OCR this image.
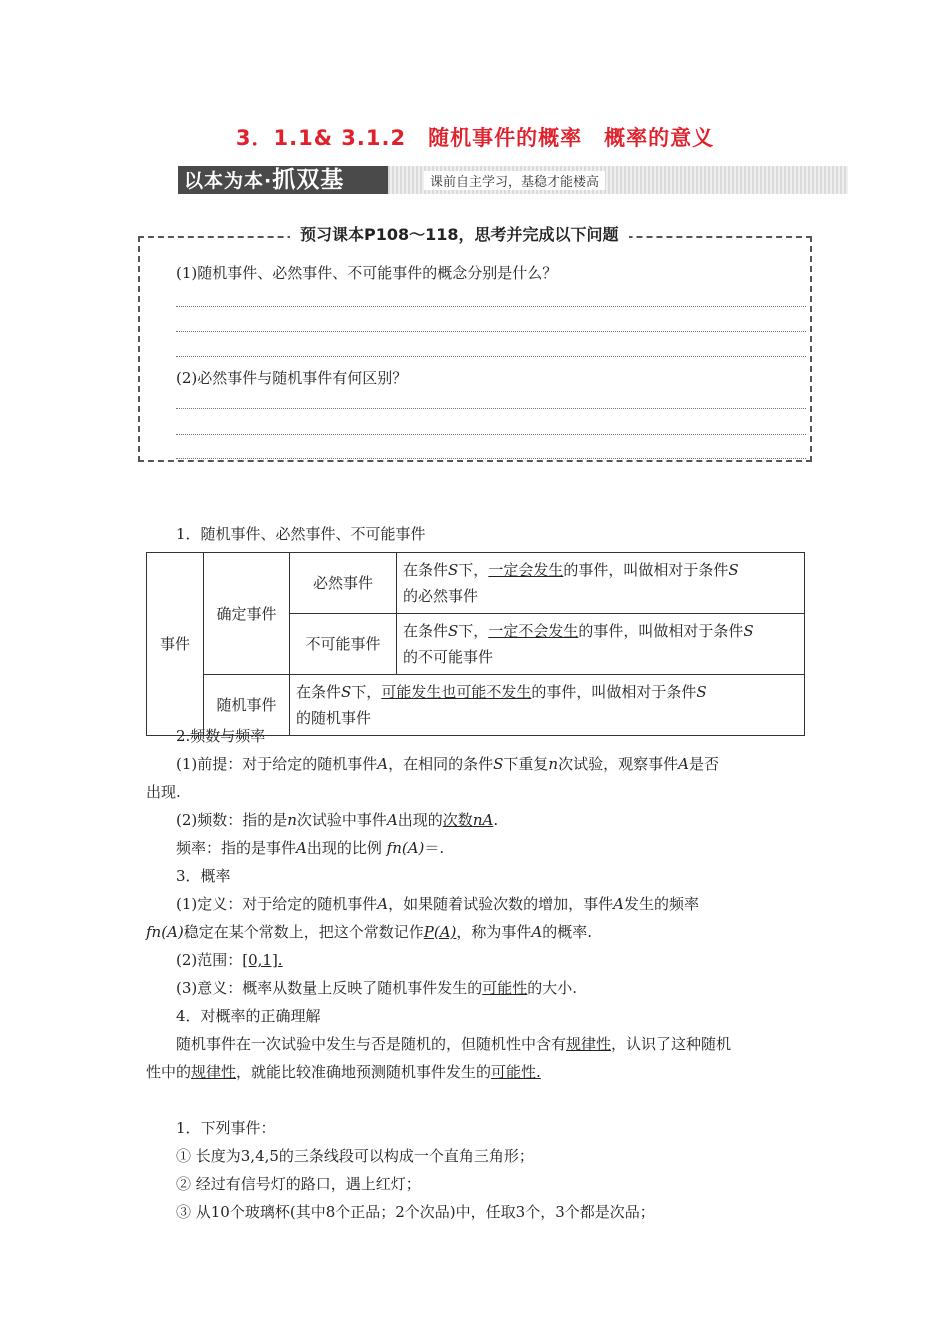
3．1.1& 3.1.2　随机事件的概率　概率的意义
以本为本·抓双基	课前自主学习，基稳才能楼高
预习课本P108～118，思考并完成以下问题
(1)随机事件、必然事件、不可能事件的概念分别是什么？
(2)必然事件与随机事件有何区别？
1．随机事件、必然事件、不可能事件
事件	确定事件	必然事件	在条件S下，一定会发生的事件，叫做相对于条件S
的必然事件
		不可能事件	在条件S下，一定不会发生的事件，叫做相对于条件S
的不可能事件
	随机事件	在条件S下，可能发生也可能不发生的事件，叫做相对于条件S
的随机事件	
2.频数与频率
(1)前提：对于给定的随机事件A，在相同的条件S下重复n次试验，观察事件A是否
出现.
(2)频数：指的是n次试验中事件A出现的次数nA.
频率：指的是事件A出现的比例 fn(A)＝.
3．概率
(1)定义：对于给定的随机事件A，如果随着试验次数的增加，事件A发生的频率
fn(A)稳定在某个常数上，把这个常数记作P(A)，称为事件A的概率.
(2)范围：[0,1].
(3)意义：概率从数量上反映了随机事件发生的可能性的大小.
4．对概率的正确理解
随机事件在一次试验中发生与否是随机的，但随机性中含有规律性，认识了这种随机
性中的规律性，就能比较准确地预测随机事件发生的可能性.
1．下列事件：
① 长度为3,4,5的三条线段可以构成一个直角三角形；
② 经过有信号灯的路口，遇上红灯；
③ 从10个玻璃杯(其中8个正品；2个次品)中，任取3个，3个都是次品；
